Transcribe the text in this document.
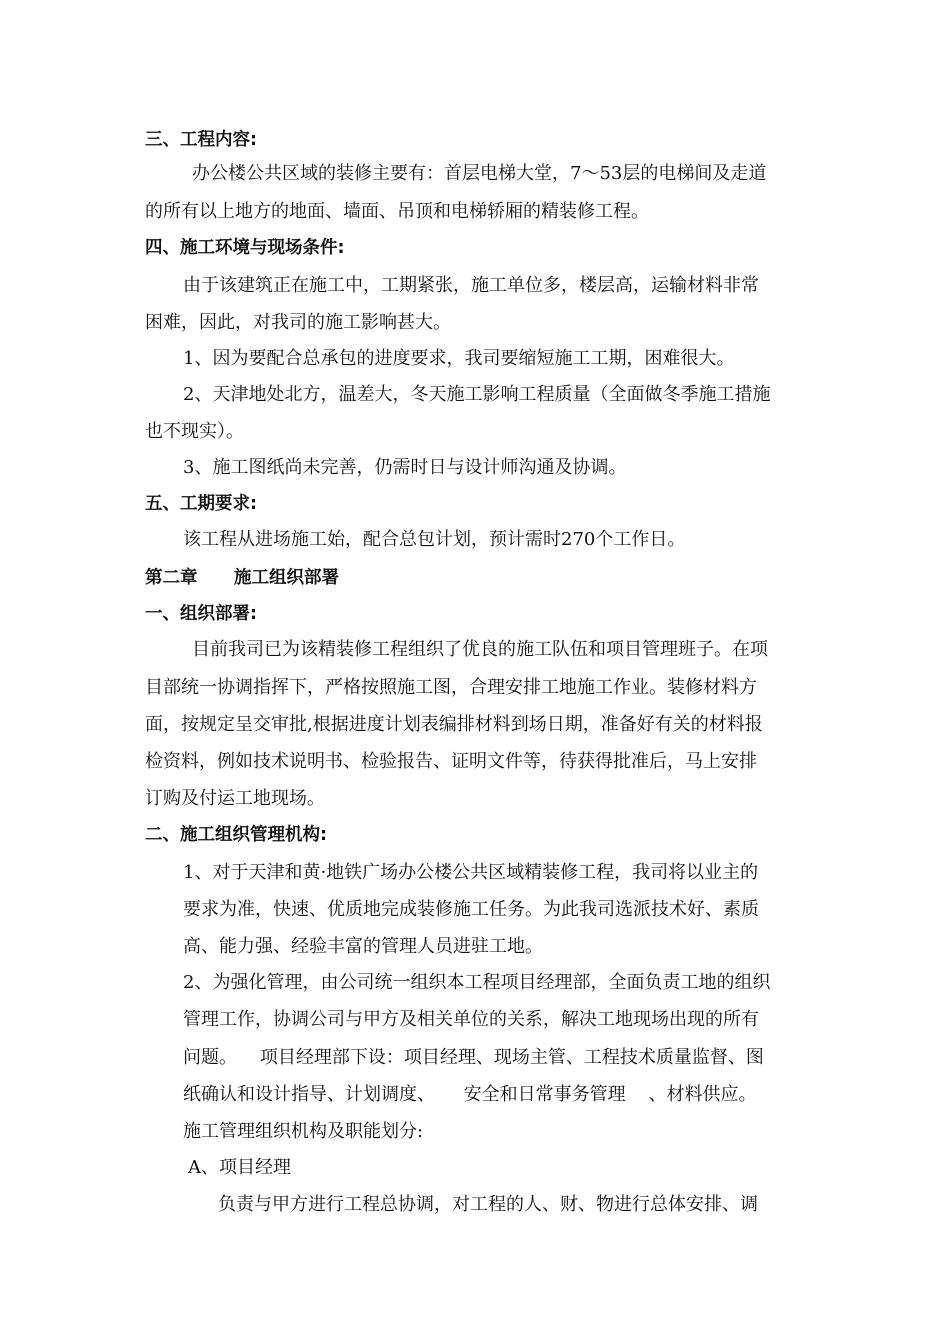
三、工程内容:
办公楼公共区域的装修主要有：首层电梯大堂，7～53层的电梯间及走道
的所有以上地方的地面、墙面、吊顶和电梯轿厢的精装修工程。
四、施工环境与现场条件:
由于该建筑正在施工中，工期紧张，施工单位多，楼层高，运输材料非常
困难，因此，对我司的施工影响甚大。
1、因为要配合总承包的进度要求，我司要缩短施工工期，困难很大。
2、天津地处北方，温差大，冬天施工影响工程质量（全面做冬季施工措施
也不现实）。
3、施工图纸尚未完善，仍需时日与设计师沟通及协调。
五、工期要求:
该工程从进场施工始，配合总包计划，预计需时270个工作日。
第二章      施工组织部署
一、组织部署:
目前我司已为该精装修工程组织了优良的施工队伍和项目管理班子。在项
目部统一协调指挥下，严格按照施工图，合理安排工地施工作业。装修材料方
面，按规定呈交审批,根据进度计划表编排材料到场日期，准备好有关的材料报
检资料，例如技术说明书、检验报告、证明文件等，待获得批准后，马上安排
订购及付运工地现场。
二、施工组织管理机构:
1、对于天津和黄·地铁广场办公楼公共区域精装修工程，我司将以业主的
要求为准，快速、优质地完成装修施工任务。为此我司选派技术好、素质
高、能力强、经验丰富的管理人员进驻工地。
2、为强化管理，由公司统一组织本工程项目经理部，全面负责工地的组织
管理工作，协调公司与甲方及相关单位的关系，解决工地现场出现的所有
问题。    项目经理部下设：项目经理、现场主管、工程技术质量监督、图
纸确认和设计指导、计划调度、     安全和日常事务管理    、材料供应。
施工管理组织机构及职能划分:
A、项目经理
负责与甲方进行工程总协调，对工程的人、财、物进行总体安排、调
